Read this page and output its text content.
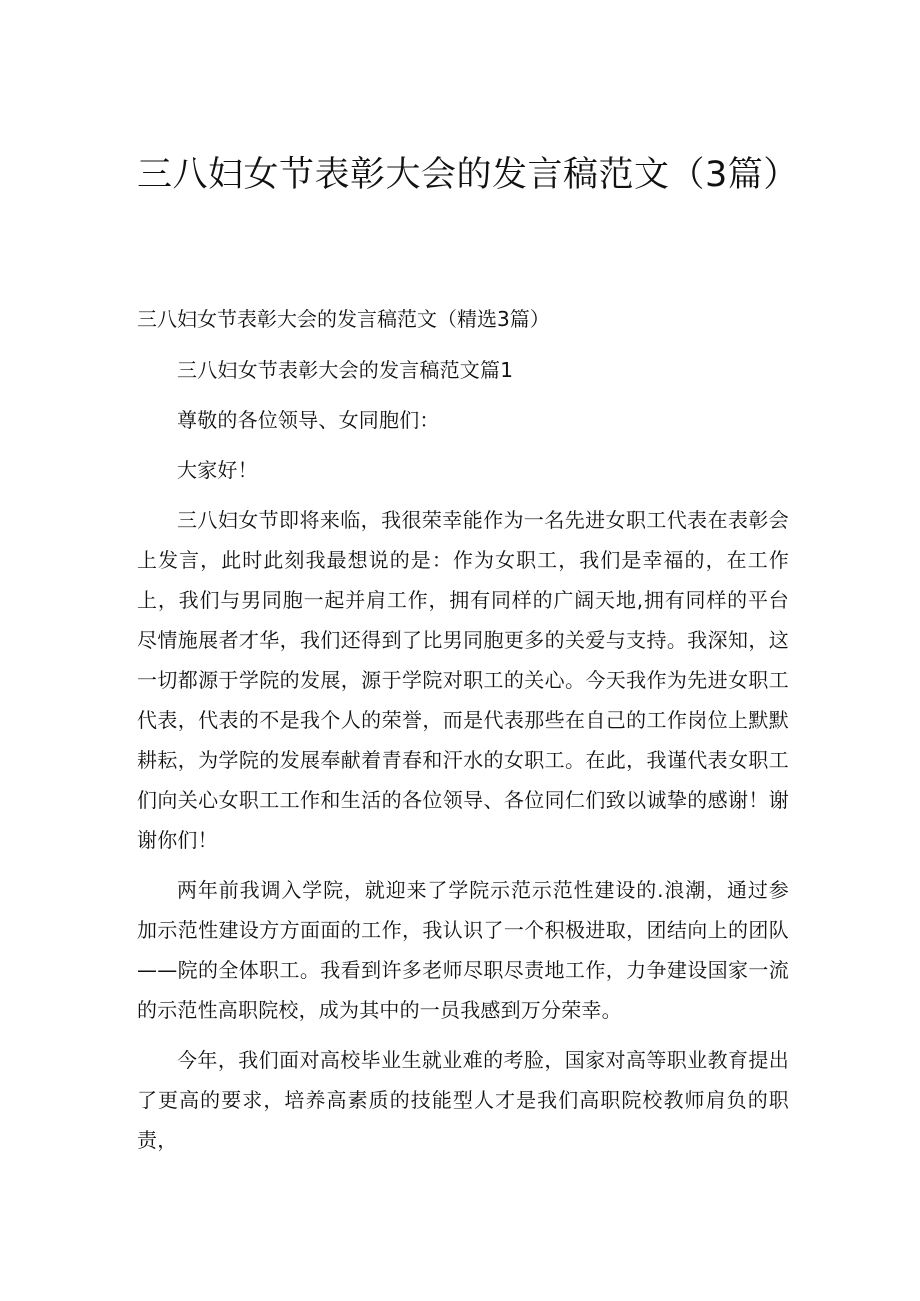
三八妇女节表彰大会的发言稿范文（3篇）
三八妇女节表彰大会的发言稿范文（精选3篇）

三八妇女节表彰大会的发言稿范文篇1

尊敬的各位领导、女同胞们：

大家好！

三八妇女节即将来临，我很荣幸能作为一名先进女职工代表在表彰会上发言，此时此刻我最想说的是：作为女职工，我们是幸福的，在工作上，我们与男同胞一起并肩工作，拥有同样的广阔天地,拥有同样的平台尽情施展者才华，我们还得到了比男同胞更多的关爱与支持。我深知，这一切都源于学院的发展，源于学院对职工的关心。今天我作为先进女职工代表，代表的不是我个人的荣誉，而是代表那些在自己的工作岗位上默默耕耘，为学院的发展奉献着青春和汗水的女职工。在此，我谨代表女职工们向关心女职工工作和生活的各位领导、各位同仁们致以诚挚的感谢！谢谢你们！

两年前我调入学院，就迎来了学院示范示范性建设的.浪潮，通过参加示范性建设方方面面的工作，我认识了一个积极进取，团结向上的团队——院的全体职工。我看到许多老师尽职尽责地工作，力争建设国家一流的示范性高职院校，成为其中的一员我感到万分荣幸。

今年，我们面对高校毕业生就业难的考脸，国家对高等职业教育提出了更高的要求，培养高素质的技能型人才是我们高职院校教师肩负的职责，
